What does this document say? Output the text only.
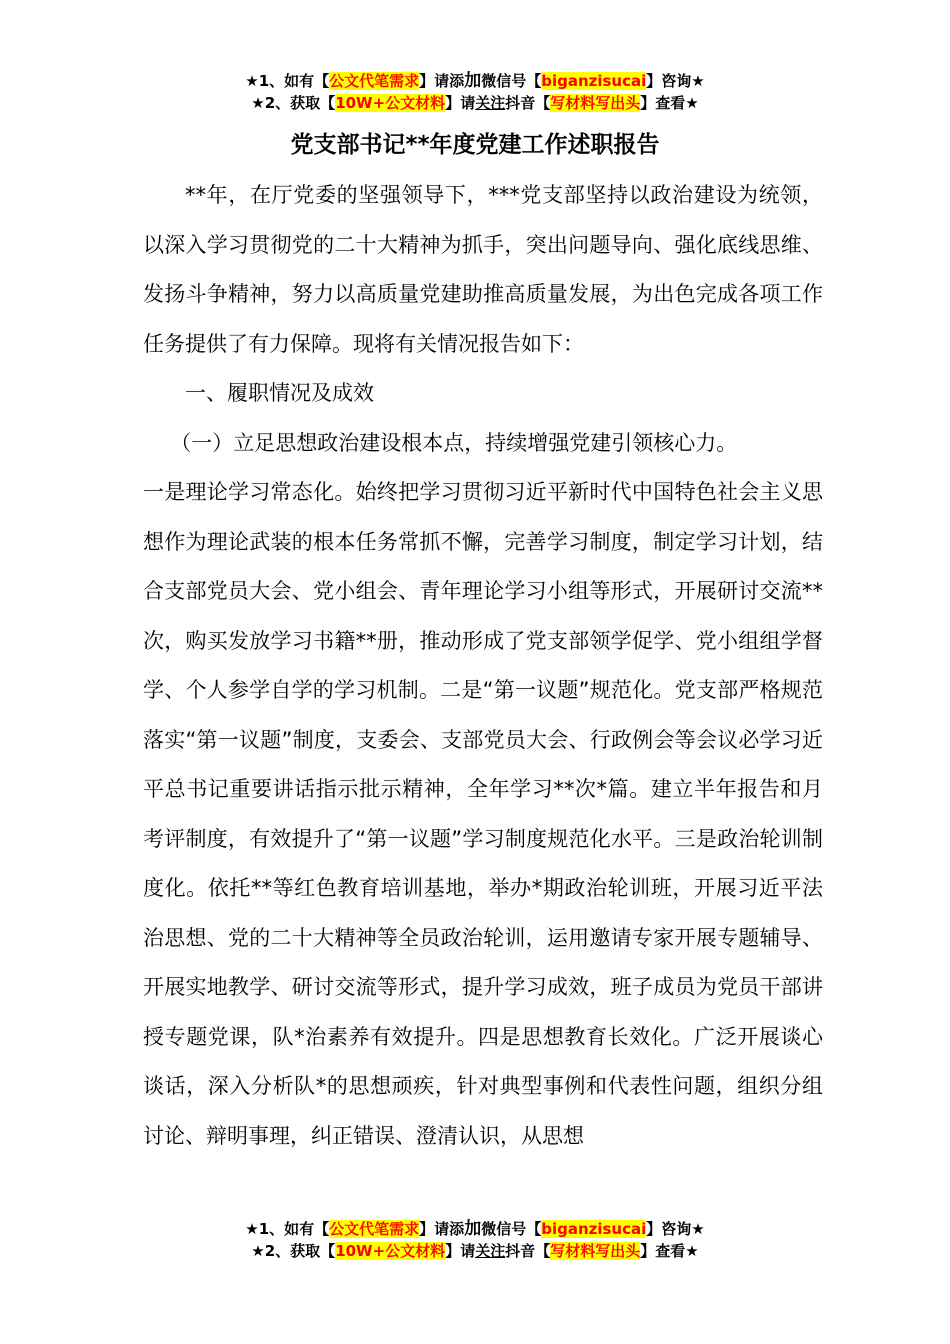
★1、如有【公文代笔需求】请添加微信号【biganzisucai】咨询★
★2、获取【10W+公文材料】请关注抖音【写材料写出头】查看★
党支部书记**年度党建工作述职报告

**年，在厅党委的坚强领导下，***党支部坚持以政治建设为统领，以深入学习贯彻党的二十大精神为抓手，突出问题导向、强化底线思维、发扬斗争精神，努力以高质量党建助推高质量发展，为出色完成各项工作任务提供了有力保障。现将有关情况报告如下：

一、履职情况及成效

（一）立足思想政治建设根本点，持续增强党建引领核心力。

一是理论学习常态化。始终把学习贯彻习近平新时代中国特色社会主义思想作为理论武装的根本任务常抓不懈，完善学习制度，制定学习计划，结合支部党员大会、党小组会、青年理论学习小组等形式，开展研讨交流**次，购买发放学习书籍**册，推动形成了党支部领学促学、党小组组学督学、个人参学自学的学习机制。二是“第一议题”规范化。党支部严格规范落实“第一议题”制度，支委会、支部党员大会、行政例会等会议必学习近平总书记重要讲话指示批示精神，全年学习**次*篇。建立半年报告和月考评制度，有效提升了“第一议题”学习制度规范化水平。三是政治轮训制度化。依托**等红色教育培训基地，举办*期政治轮训班，开展习近平法治思想、党的二十大精神等全员政治轮训，运用邀请专家开展专题辅导、开展实地教学、研讨交流等形式，提升学习成效，班子成员为党员干部讲授专题党课，队*治素养有效提升。四是思想教育长效化。广泛开展谈心谈话，深入分析队*的思想顽疾，针对典型事例和代表性问题，组织分组讨论、辩明事理，纠正错误、澄清认识，从思想

★1、如有【公文代笔需求】请添加微信号【biganzisucai】咨询★
★2、获取【10W+公文材料】请关注抖音【写材料写出头】查看★
